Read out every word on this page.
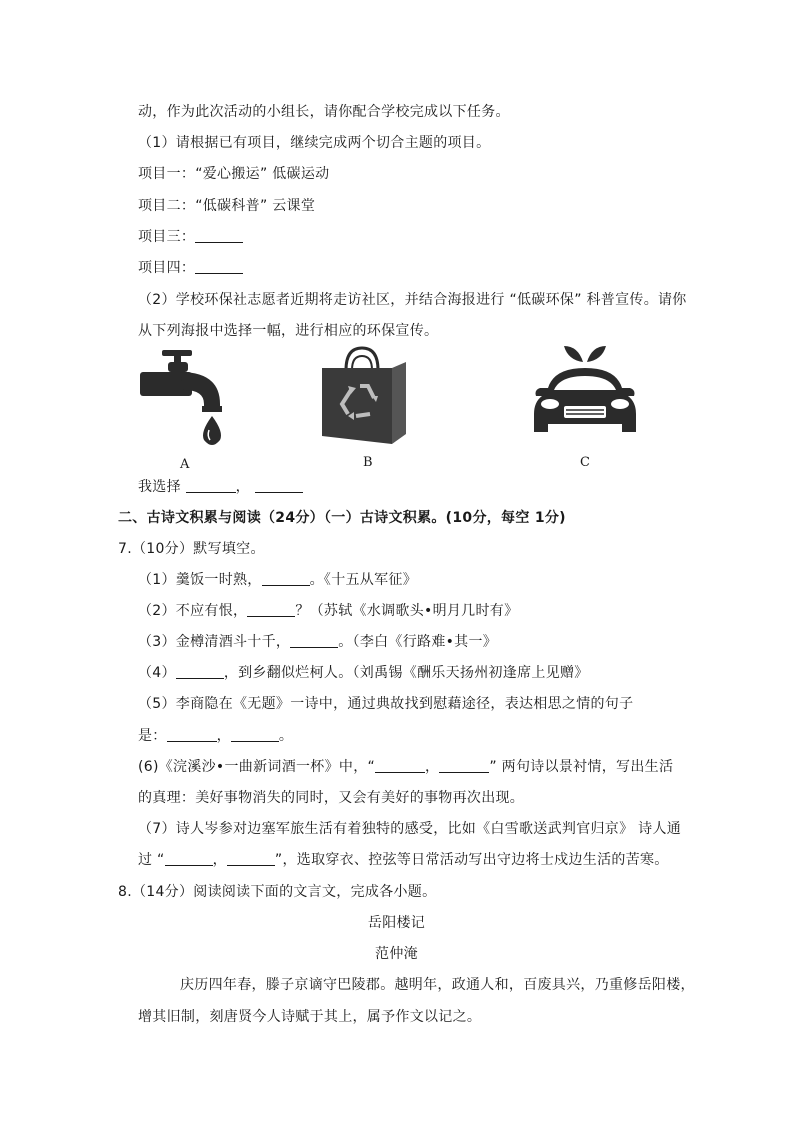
动，作为此次活动的小组长，请你配合学校完成以下任务。
（1）请根据已有项目，继续完成两个切合主题的项目。
项目一：“爱心搬运” 低碳运动
项目二：“低碳科普” 云课堂
项目三：
项目四：
（2）学校环保社志愿者近期将走访社区，并结合海报进行 “低碳环保” 科普宣传。请你
从下列海报中选择一幅，进行相应的环保宣传。
A	B	C
我选择	，
二、古诗文积累与阅读（24分）（一）古诗文积累。(10分，每空 1分)
7.（10分）默写填空。
（1）羹饭一时熟，	。《十五从军征》
（2）不应有恨，	？（苏轼《水调歌头•明月几时有》
（3）金樽清酒斗十千，	。（李白《行路难•其一》
（4）	，到乡翻似烂柯人。（刘禹锡《酬乐天扬州初逢席上见赠》
（5）李商隐在《无题》一诗中，通过典故找到慰藉途径，表达相思之情的句子
是：	，	。
(6)《浣溪沙•一曲新词酒一杯》中，“	，	” 两句诗以景衬情，写出生活
的真理：美好事物消失的同时，又会有美好的事物再次出现。
（7）诗人岑参对边塞军旅生活有着独特的感受，比如《白雪歌送武判官归京》 诗人通
过 “	，	”，选取穿衣、控弦等日常活动写出守边将士戍边生活的苦寒。
8.（14分）阅读阅读下面的文言文，完成各小题。
岳阳楼记
范仲淹
庆历四年春，滕子京谪守巴陵郡。越明年，政通人和，百废具兴，乃重修岳阳楼，
增其旧制，刻唐贤今人诗赋于其上，属予作文以记之。
